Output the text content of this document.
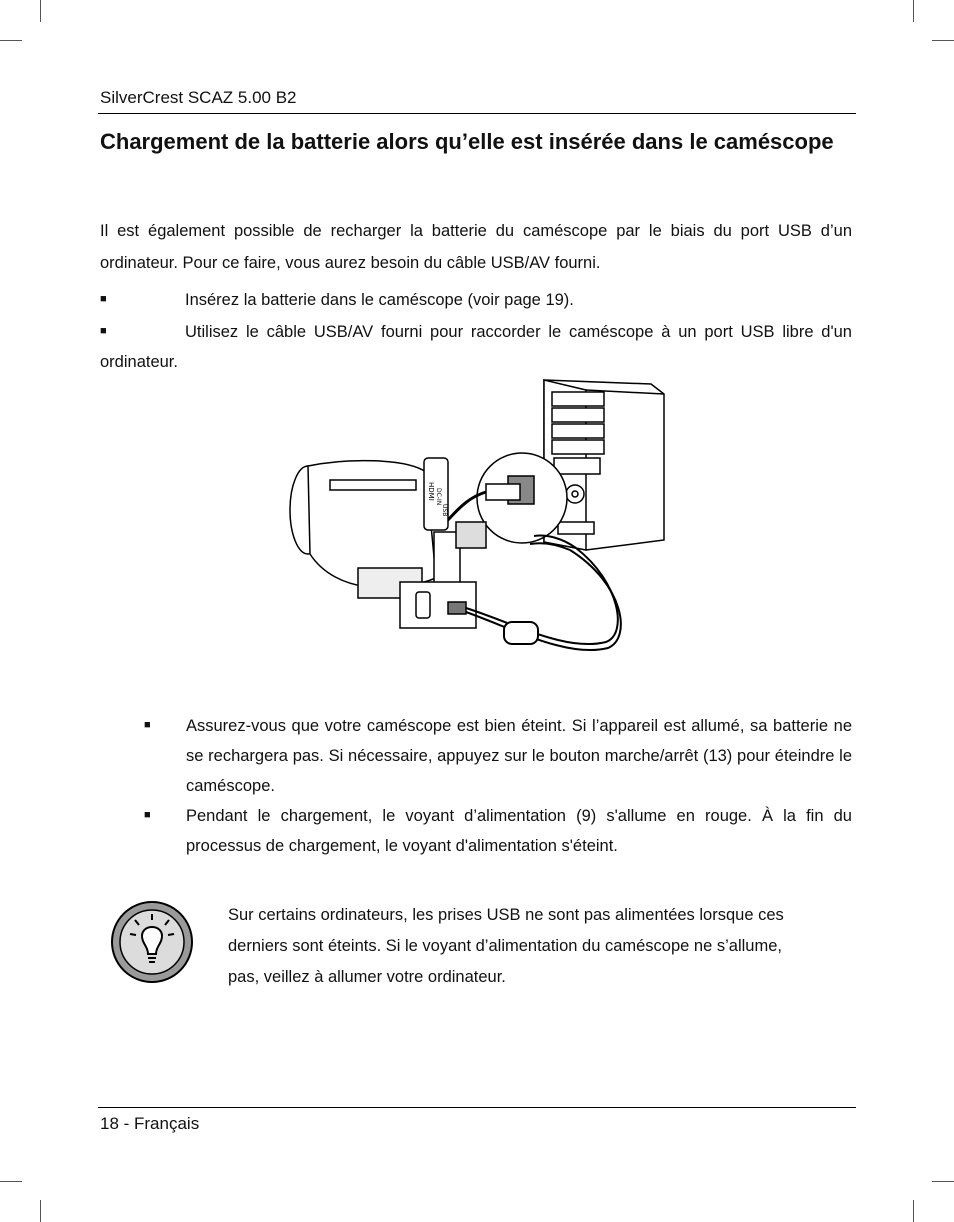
SilverCrest SCAZ 5.00 B2
Chargement de la batterie alors qu’elle est insérée dans le caméscope

Il est également possible de recharger la batterie du caméscope par le biais du port USB d’un ordinateur. Pour ce faire, vous aurez besoin du câble USB/AV fourni.

■	Insérez la batterie dans le caméscope (voir page 19).

■	Utilisez le câble USB/AV fourni pour raccorder le caméscope à un port USB libre d'un ordinateur.

HDMI DC-IN
USB
■ Assurez-vous que votre caméscope est bien éteint. Si l’appareil est allumé, sa batterie ne se rechargera pas. Si nécessaire, appuyez sur le bouton marche/arrêt (13) pour éteindre le caméscope.

■ Pendant le chargement, le voyant d’alimentation (9) s'allume en rouge. À la fin du processus de chargement, le voyant d'alimentation s'éteint.

Sur certains ordinateurs, les prises USB ne sont pas alimentées lorsque ces derniers sont éteints. Si le voyant d’alimentation du caméscope ne s’allume, pas, veillez à allumer votre ordinateur.

18 - Français
